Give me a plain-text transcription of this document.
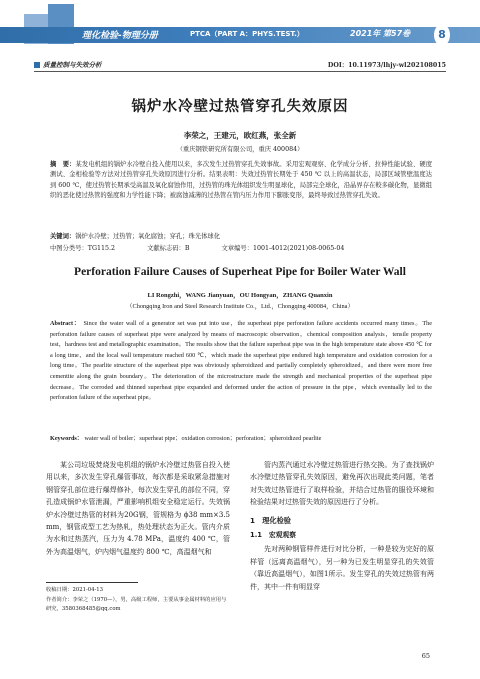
理化检验-物理分册	PTCA（PART A：PHYS.TEST.）	2021年 第57卷	8
质量控制与失效分析	DOI：10.11973/lhjy-wl202108015
锅炉水冷壁过热管穿孔失效原因
李荣之，王建元，欧红燕，张全新
（重庆钢铁研究所有限公司，重庆 400084）
摘　要：某发电机组的锅炉水冷壁自投入使用以来，多次发生过热管穿孔失效事故。采用宏观观察、化学成分分析、拉伸性能试验、硬度测试、金相检验等方法对过热管穿孔失效原因进行分析。结果表明：失效过热管长期处于 450 ℃ 以上的高温状态，局部区域管壁温度达到 600 ℃，使过热管长期承受高温及氧化腐蚀作用，过热管的珠光体组织发生明显球化，局部完全球化，沿晶界存在較多碳化物，显微组织的恶化使过热管的强度和力学性能下降；被腐蚀减薄的过热管在管内压力作用下膨胀变形，最终导致过热管穿孔失效。
关键词：锅炉水冷壁；过热管；氧化腐蚀；穿孔；珠光体球化
中图分类号：TG115.2	文献标志码：B	文章编号：1001-4012(2021)08-0065-04
Perforation Failure Causes of Superheat Pipe for Boiler Water Wall
LI Rongzhi，WANG Jianyuan，OU Hongyan，ZHANG Quanxin
（Chongqing Iron and Steel Research Institute Co.，Ltd.，Chongqing 400084，China）
Abstract： Since the water wall of a generator set was put into use，the superheat pipe perforation failure accidents occurred many times。The perforation failure causes of superheat pipe were analyzed by means of macroscopic observation，chemical composition analysis，tensile property test，hardness test and metallographic examination。The results show that the failure superheat pipe was in the high temperature state above 450 ℃ for a long time，and the local wall temperature reached 600 ℃，which made the superheat pipe endured high temperature and oxidation corrosion for a long time。The pearlite structure of the superheat pipe was obviously spheroidized and partially completely spheroidized，and there were more free cementite along the grain boundary。The deterioration of the microstructure made the strength and mechanical properties of the superheat pipe decrease。The corroded and thinned superheat pipe expanded and deformed under the action of pressure in the pipe，which eventually led to the perforation failure of the superheat pipe。
Keywords： water wall of boiler；superheat pipe；oxidation corrosion；perforation；spheroidized pearlite
某公司垃圾焚烧发电机组的锅炉水冷壁过热管自投入使用以来，多次发生穿孔爆管事故，每次都是采取紧急措施对钢管穿孔部位进行爆焊修补，每次发生穿孔的部位不同，穿孔造成锅炉水管泄漏，严重影响机组安全稳定运行。失效锅炉水冷壁过热管的材料为20G钢，管规格为 ϕ38 mm×3.5 mm，钢管成型工艺为热轧，热处理状态为正火。管内介质为水和过热蒸汽，压力为 4.78 MPa，温度约 400 ℃，管外为高温烟气，炉内烟气温度约 800 ℃，高温烟气和
收稿日期：2021-04-13
作者简介：李荣之（1970—），男，高级工程师，主要从事金属材料的应用与研究，3580368485@qq.com
管内蒸汽通过水冷壁过热管进行热交换。为了查找锅炉水冷壁过热管穿孔失效原因，避免再次出现此类问题，笔者对失效过热管进行了取样检验，并结合过热管的服役环境和检验结果对过热管失效的原因进行了分析。
1　理化检验
1.1　宏观观察
先对两种钢管样件进行对比分析，一种是较为完好的原样管（远离高温烟气），另一种为已发生明显穿孔的失效管（靠近高温烟气），如图1所示。发生穿孔的失效过热管有两件，其中一件有明显穿
65
